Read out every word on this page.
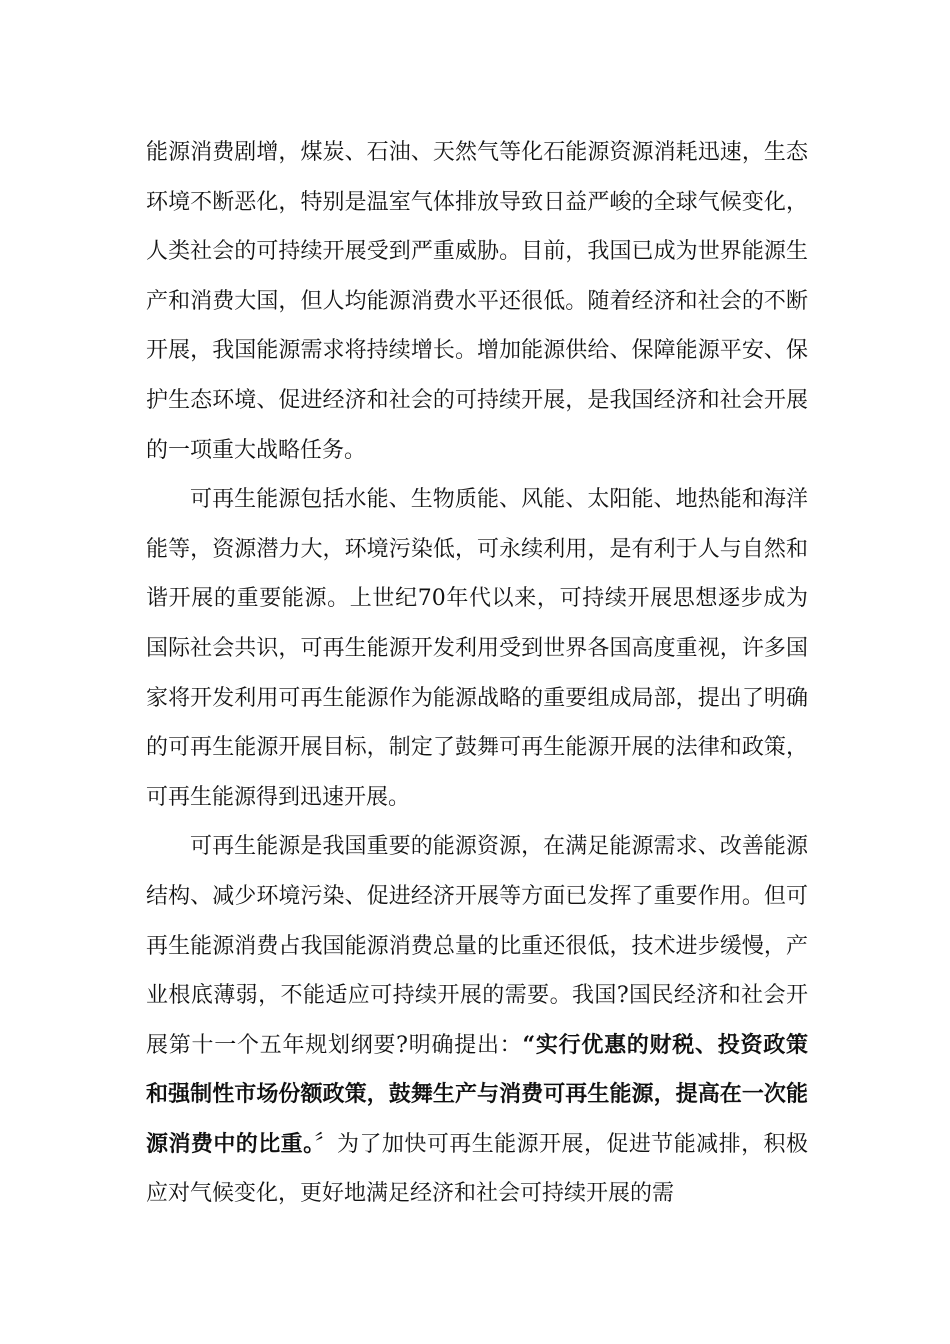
能源消费剧增，煤炭、石油、天然气等化石能源资源消耗迅速，生态环境不断恶化，特别是温室气体排放导致日益严峻的全球气候变化，人类社会的可持续开展受到严重威胁。目前，我国已成为世界能源生产和消费大国，但人均能源消费水平还很低。随着经济和社会的不断开展，我国能源需求将持续增长。增加能源供给、保障能源平安、保护生态环境、促进经济和社会的可持续开展，是我国经济和社会开展的一项重大战略任务。

可再生能源包括水能、生物质能、风能、太阳能、地热能和海洋能等，资源潜力大，环境污染低，可永续利用，是有利于人与自然和谐开展的重要能源。上世纪70年代以来，可持续开展思想逐步成为国际社会共识，可再生能源开发利用受到世界各国高度重视，许多国家将开发利用可再生能源作为能源战略的重要组成局部，提出了明确的可再生能源开展目标，制定了鼓舞可再生能源开展的法律和政策，可再生能源得到迅速开展。

可再生能源是我国重要的能源资源，在满足能源需求、改善能源结构、减少环境污染、促进经济开展等方面已发挥了重要作用。但可再生能源消费占我国能源消费总量的比重还很低，技术进步缓慢，产业根底薄弱，不能适应可持续开展的需要。我国?国民经济和社会开展第十一个五年规划纲要?明确提出：“实行优惠的财税、投资政策和强制性市场份额政策，鼓舞生产与消费可再生能源，提高在一次能源消费中的比重。〞为了加快可再生能源开展，促进节能减排，积极应对气候变化，更好地满足经济和社会可持续开展的需
